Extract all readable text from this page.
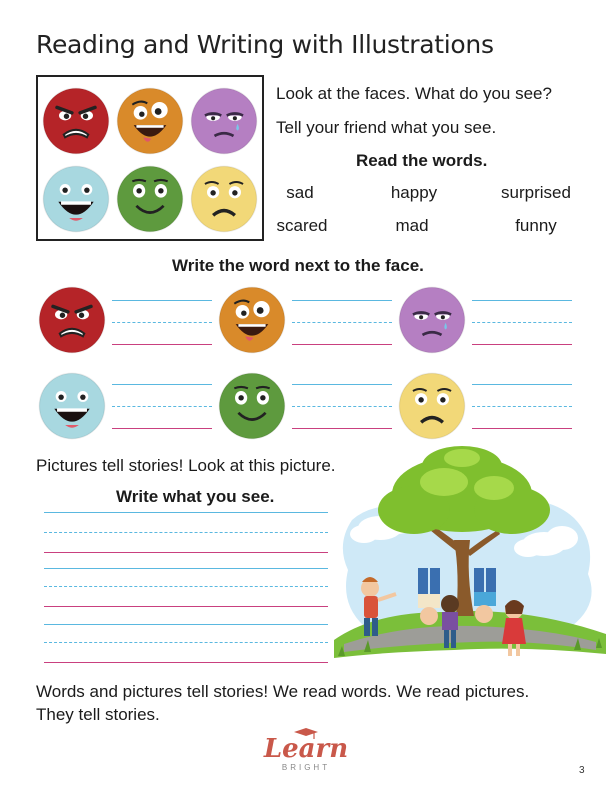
Reading and Writing with Illustrations
Look at the faces. What do you see?
Tell your friend what you see.
Read the words.
sad	happy	surprised
scared	mad	funny
Write the word next to the face.
Pictures tell stories! Look at this picture.
Write what you see.
Words and pictures tell stories! We read words. We read pictures.
They tell stories.
Learn
BRIGHT	3
